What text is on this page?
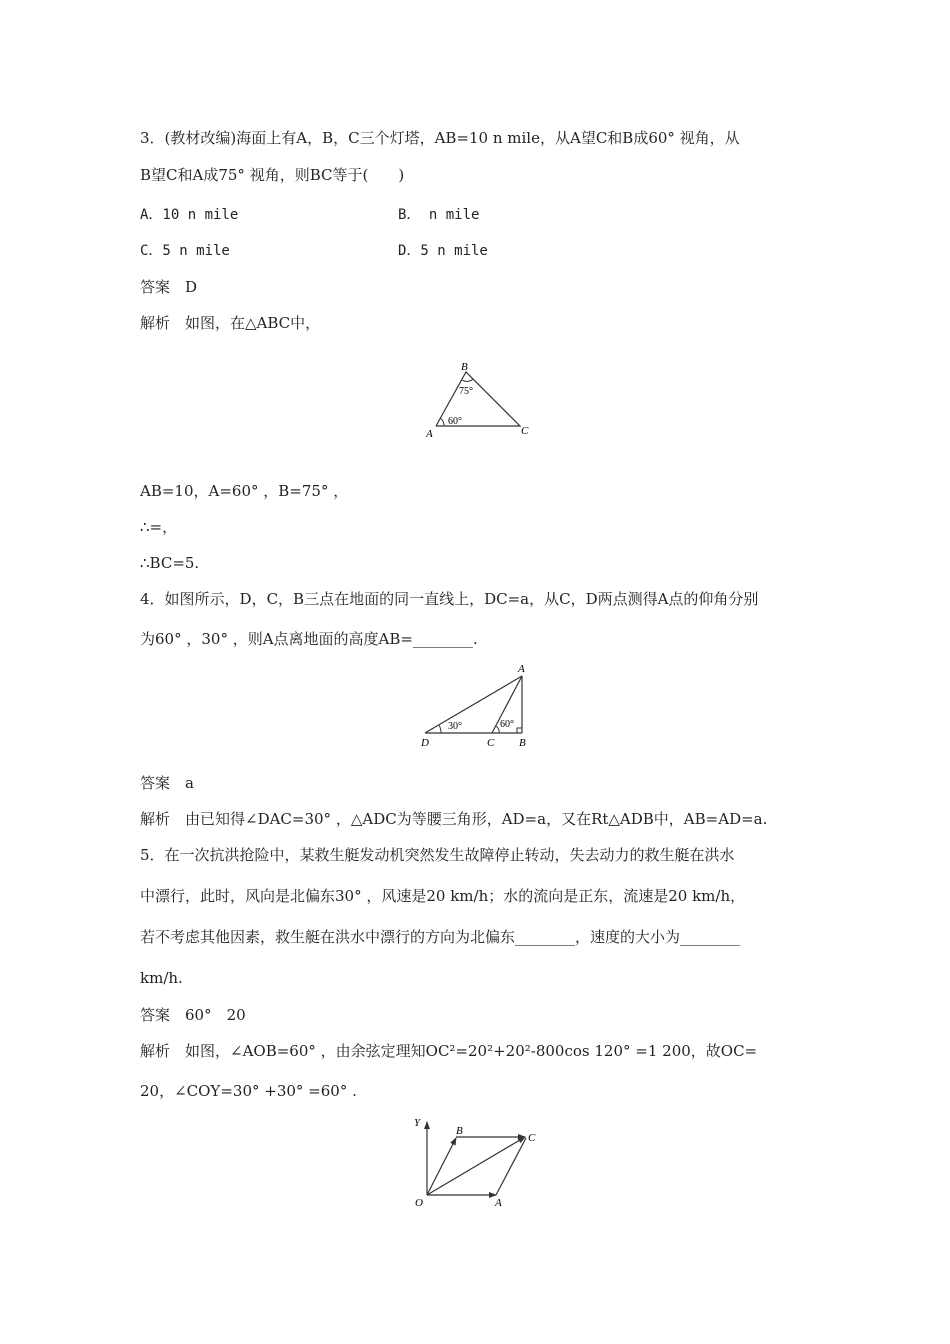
3．(教材改编)海面上有A，B，C三个灯塔，AB=10 n mile，从A望C和B成60° 视角，从
B望C和A成75° 视角，则BC等于(　　)
A．10 n mile	B． n mile
C．5 n mile	D．5 n mile
答案　D
解析　如图，在△ABC中，
B
A	C
75°
60°
AB=10，A=60° ，B=75° ，
∴=，
∴BC=5.
4．如图所示，D，C，B三点在地面的同一直线上，DC=a，从C，D两点测得A点的仰角分别
为60° ，30° ，则A点离地面的高度AB=________.
A
D	C B
30°	60°
答案　a
解析　由已知得∠DAC=30° ，△ADC为等腰三角形，AD=a，又在Rt△ADB中，AB=AD=a.
5．在一次抗洪抢险中，某救生艇发动机突然发生故障停止转动，失去动力的救生艇在洪水
中漂行，此时，风向是北偏东30° ，风速是20 km/h；水的流向是正东，流速是20 km/h，
若不考虑其他因素，救生艇在洪水中漂行的方向为北偏东________，速度的大小为________
km/h.
答案　60°　20
解析　如图，∠AOB=60° ，由余弦定理知OC²=20²+20²-800cos 120° =1 200，故OC=
20，∠COY=30° +30° =60° .
Y
B
C
O	A
